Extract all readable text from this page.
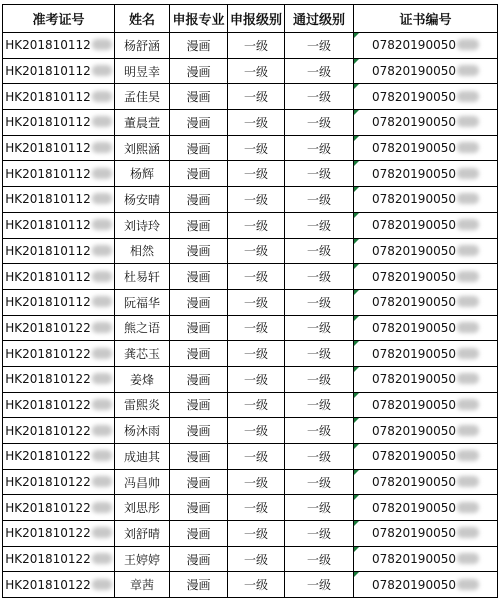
准考证号	姓名	申报专业	申报级别	通过级别	证书编号
HK201810112	杨舒涵	漫画	一级	一级	07820190050
HK201810112	明昱幸	漫画	一级	一级	07820190050
HK201810112	孟佳昊	漫画	一级	一级	07820190050
HK201810112	董晨萱	漫画	一级	一级	07820190050
HK201810112	刘熙涵	漫画	一级	一级	07820190050
HK201810112	杨辉	漫画	一级	一级	07820190050
HK201810112	杨安晴	漫画	一级	一级	07820190050
HK201810112	刘诗玲	漫画	一级	一级	07820190050
HK201810112	相然	漫画	一级	一级	07820190050
HK201810112	杜易轩	漫画	一级	一级	07820190050
HK201810112	阮福华	漫画	一级	一级	07820190050
HK201810122	熊之语	漫画	一级	一级	07820190050
HK201810122	龚芯玉	漫画	一级	一级	07820190050
HK201810122	姜烽	漫画	一级	一级	07820190050
HK201810122	雷熙炎	漫画	一级	一级	07820190050
HK201810122	杨沐雨	漫画	一级	一级	07820190050
HK201810122	成迪其	漫画	一级	一级	07820190050
HK201810122	冯昌帅	漫画	一级	一级	07820190050
HK201810122	刘思彤	漫画	一级	一级	07820190050
HK201810122	刘舒晴	漫画	一级	一级	07820190050
HK201810122	王婷婷	漫画	一级	一级	07820190050
HK201810122	章茜	漫画	一级	一级	07820190050
